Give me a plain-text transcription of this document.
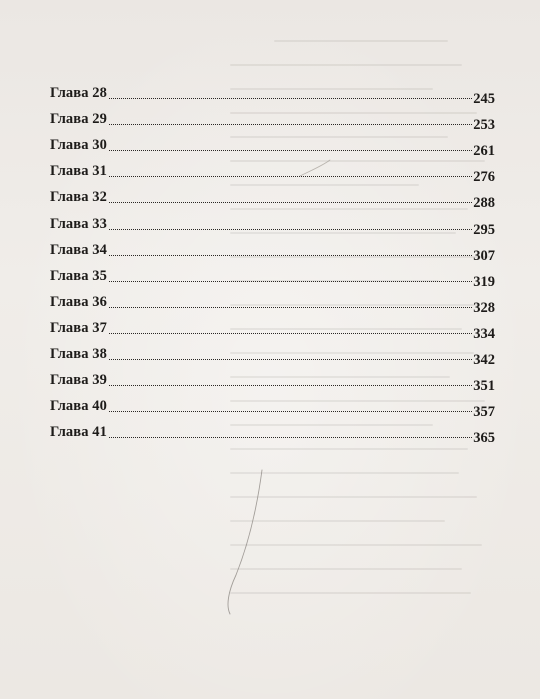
Глава 28	245
Глава 29	253
Глава 30	261
Глава 31	276
Глава 32	288
Глава 33	295
Глава 34	307
Глава 35	319
Глава 36	328
Глава 37	334
Глава 38	342
Глава 39	351
Глава 40	357
Глава 41	365
